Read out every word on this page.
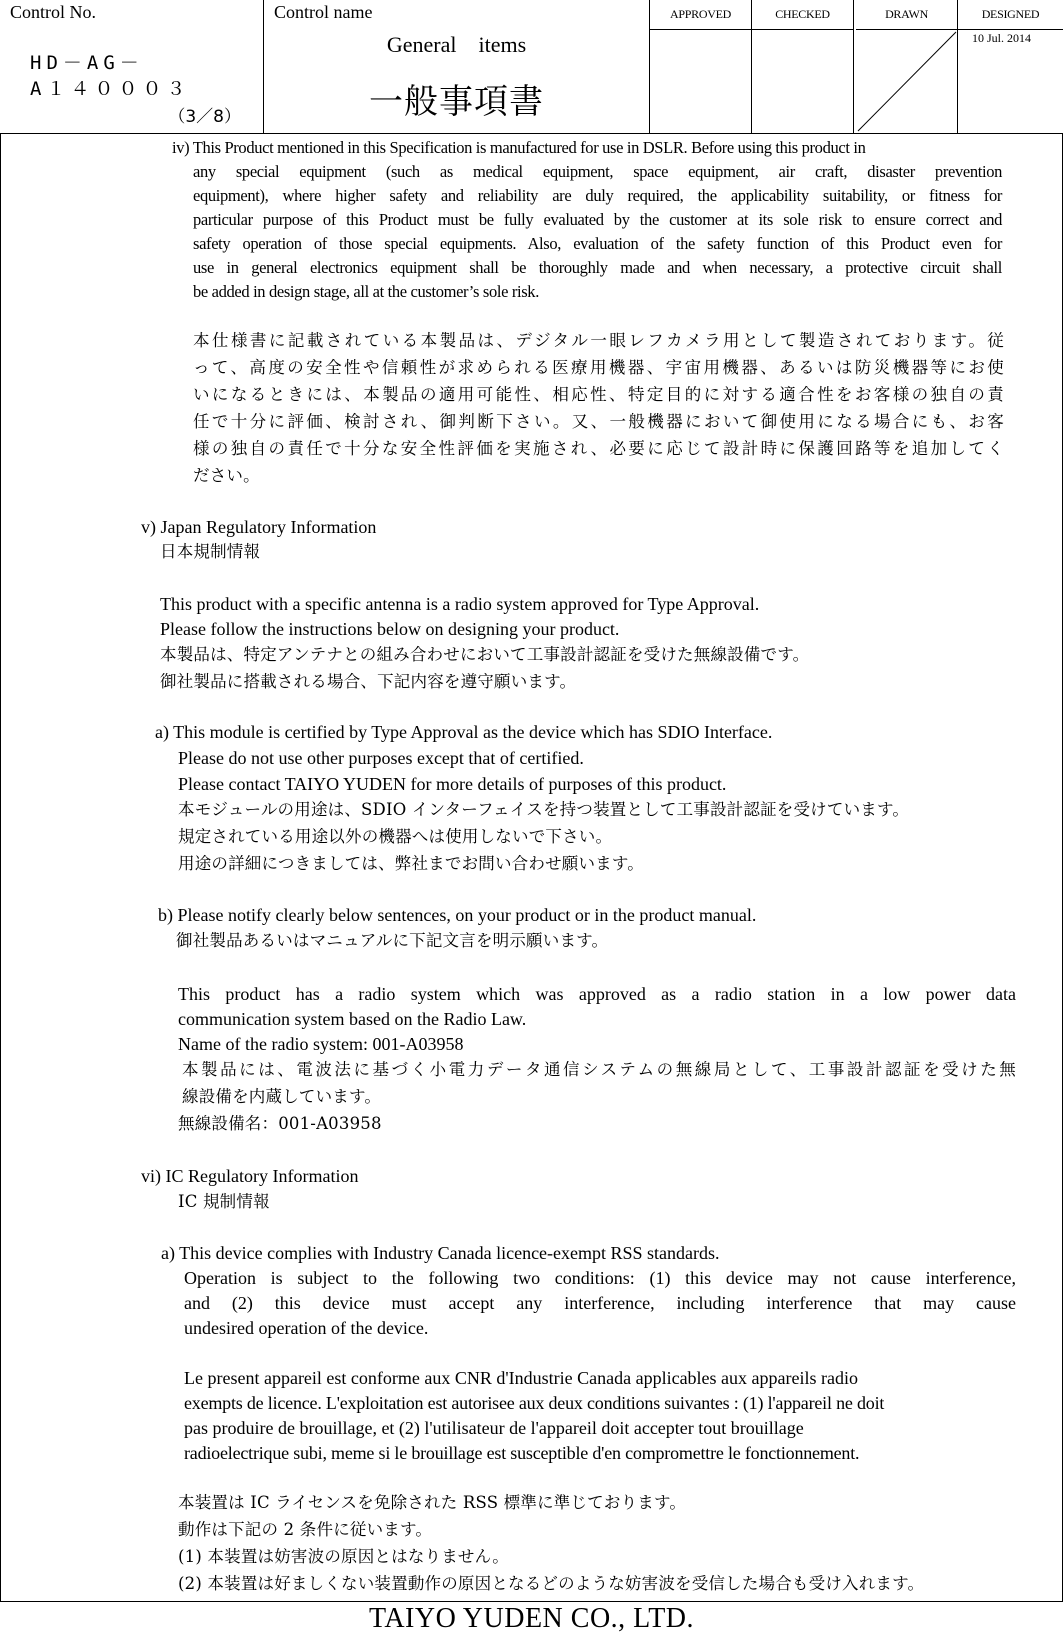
Control No.
HD－AG－
A１４０００３
（3／8）
Control name
General　items
一般事項書
APPROVED	CHECKED	DRAWN	DESIGNED
10 Jul. 2014
iv) This Product mentioned in this Specification is manufactured for use in DSLR. Before using this product in
any special equipment (such as medical equipment, space equipment, air craft, disaster prevention
equipment), where higher safety and reliability are duly required, the applicability suitability, or fitness for
particular purpose of this Product must be fully evaluated by the customer at its sole risk to ensure correct and
safety operation of those special equipments. Also, evaluation of the safety function of this Product even for
use in general electronics equipment shall be thoroughly made and when necessary, a protective circuit shall
be added in design stage, all at the customer’s sole risk.
本仕様書に記載されている本製品は、デジタル一眼レフカメラ用として製造されております。従
って、高度の安全性や信頼性が求められる医療用機器、宇宙用機器、あるいは防災機器等にお使
いになるときには、本製品の適用可能性、相応性、特定目的に対する適合性をお客様の独自の責
任で十分に評価、検討され、御判断下さい。又、一般機器において御使用になる場合にも、お客
様の独自の責任で十分な安全性評価を実施され、必要に応じて設計時に保護回路等を追加してく
ださい。
v) Japan Regulatory Information
日本規制情報
This product with a specific antenna is a radio system approved for Type Approval.
Please follow the instructions below on designing your product.
本製品は、特定アンテナとの組み合わせにおいて工事設計認証を受けた無線設備です。
御社製品に搭載される場合、下記内容を遵守願います。
a) This module is certified by Type Approval as the device which has SDIO Interface.
Please do not use other purposes except that of certified.
Please contact TAIYO YUDEN for more details of purposes of this product.
本モジュールの用途は、SDIO インターフェイスを持つ装置として工事設計認証を受けています。
規定されている用途以外の機器へは使用しないで下さい。
用途の詳細につきましては、弊社までお問い合わせ願います。
b) Please notify clearly below sentences, on your product or in the product manual.
御社製品あるいはマニュアルに下記文言を明示願います。
This product has a radio system which was approved as a radio station in a low power data
communication system based on the Radio Law.
Name of the radio system: 001-A03958
本製品には、電波法に基づく小電力データ通信システムの無線局として、工事設計認証を受けた無
線設備を内蔵しています。
無線設備名：001-A03958
vi) IC Regulatory Information
IC 規制情報
a) This device complies with Industry Canada licence-exempt RSS standards.
Operation is subject to the following two conditions: (1) this device may not cause interference,
and (2) this device must accept any interference, including interference that may cause
undesired operation of the device.
Le present appareil est conforme aux CNR d'Industrie Canada applicables aux appareils radio
exempts de licence. L'exploitation est autorisee aux deux conditions suivantes : (1) l'appareil ne doit
pas produire de brouillage, et (2) l'utilisateur de l'appareil doit accepter tout brouillage
radioelectrique subi, meme si le brouillage est susceptible d'en compromettre le fonctionnement.
本装置は IC ライセンスを免除された RSS 標準に準じております。
動作は下記の 2 条件に従います。
(1) 本装置は妨害波の原因とはなりません。
(2) 本装置は好ましくない装置動作の原因となるどのような妨害波を受信した場合も受け入れます。
TAIYO YUDEN CO., LTD.
